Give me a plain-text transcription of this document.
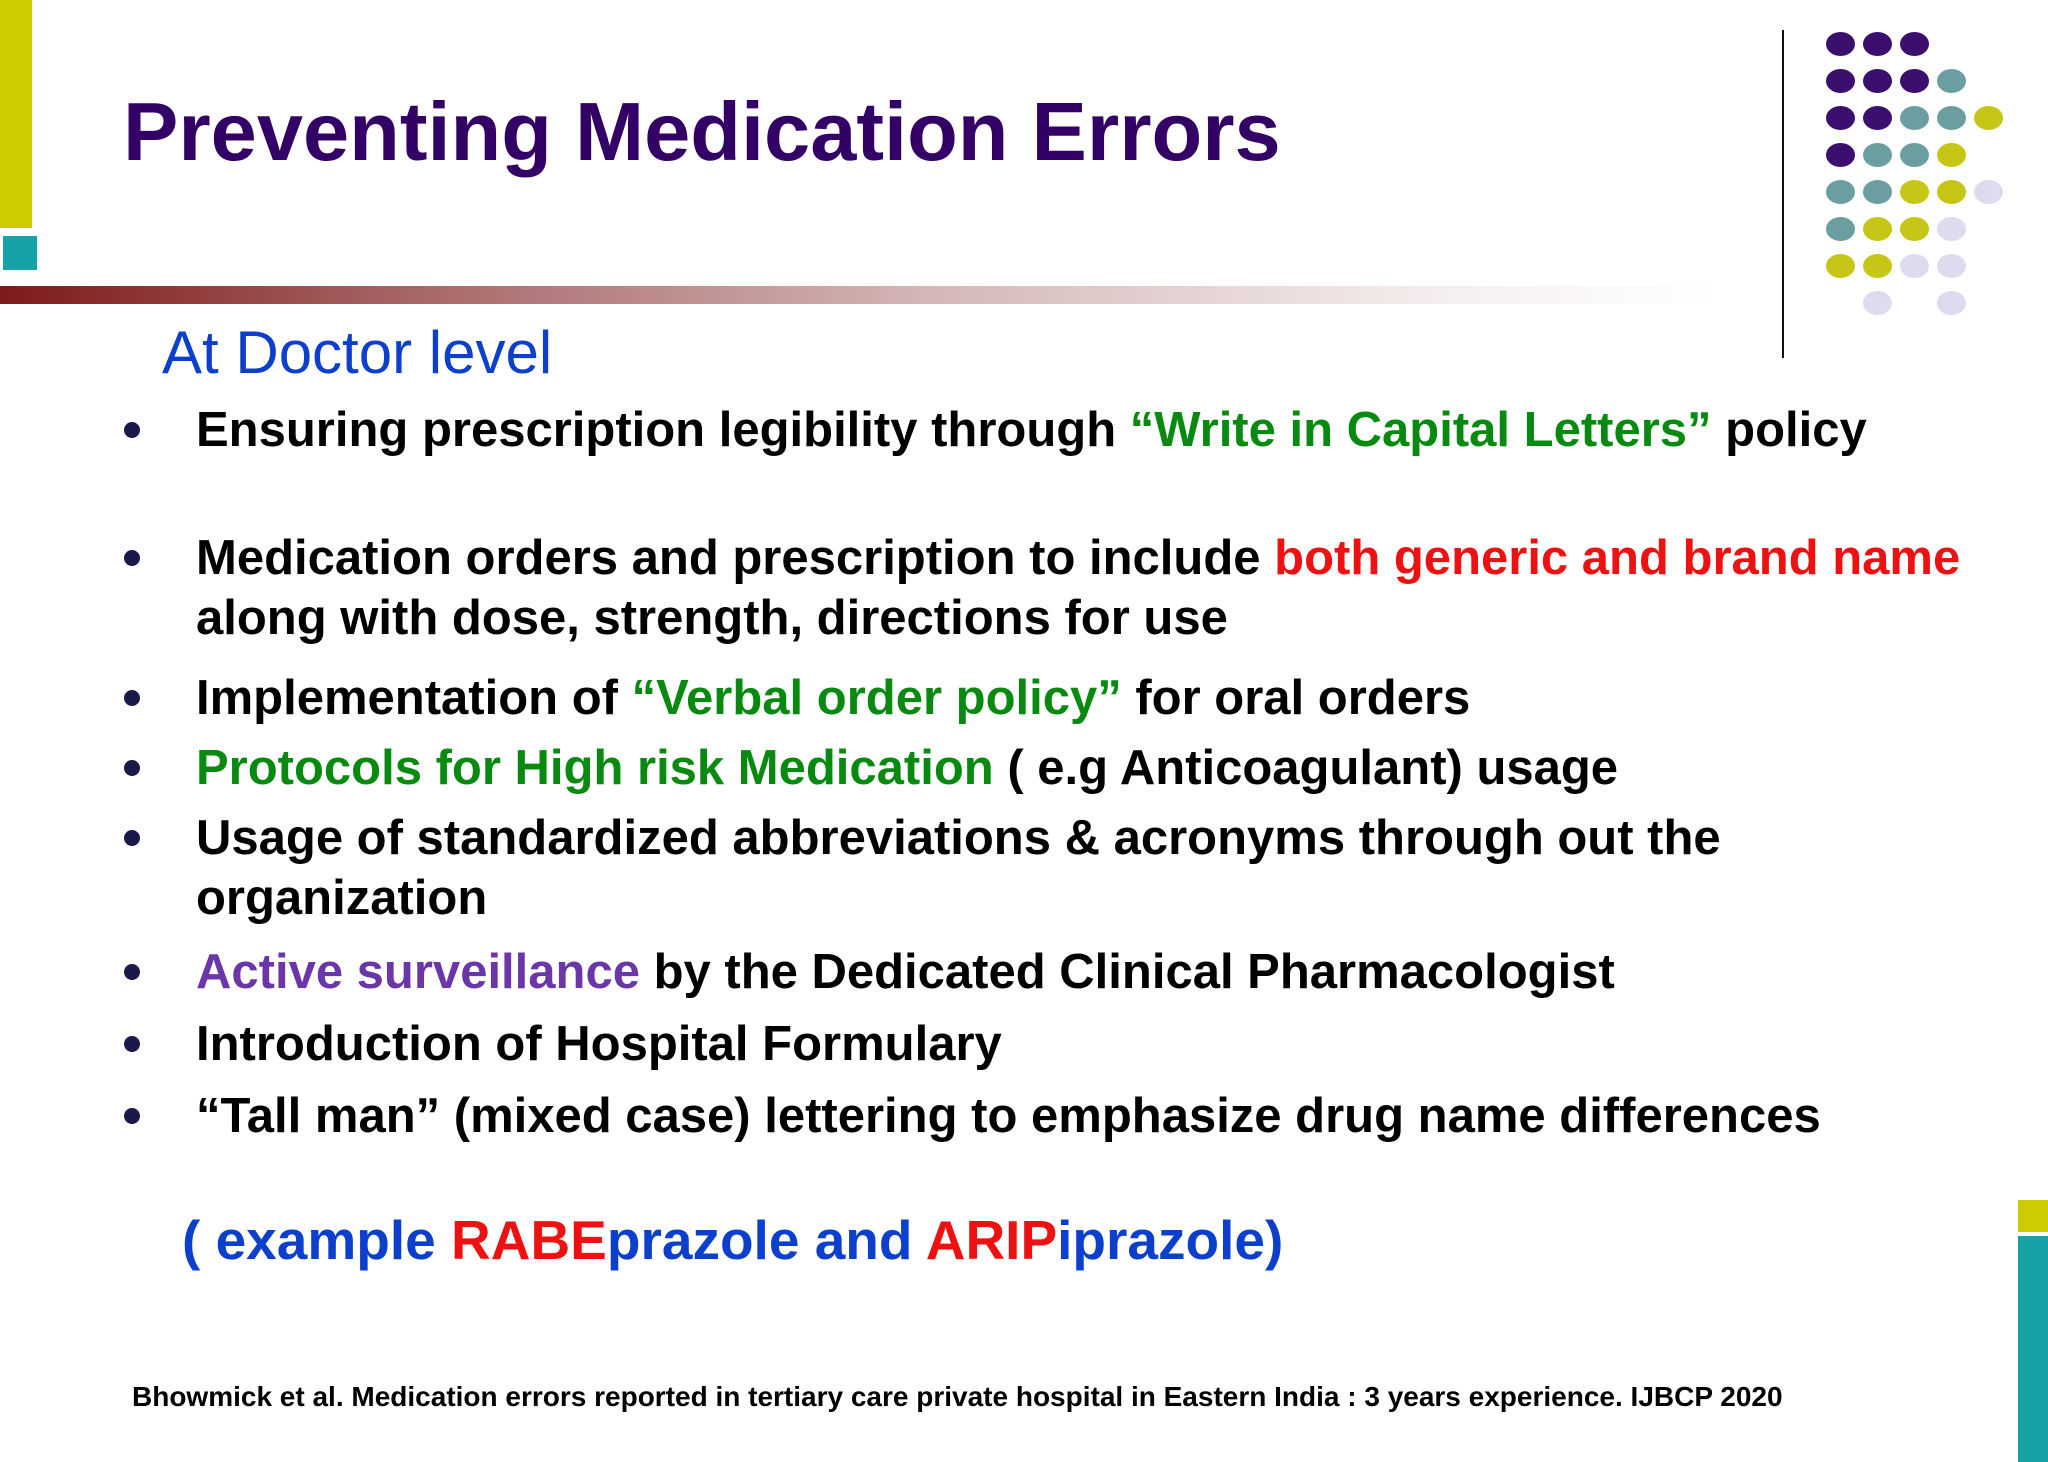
Preventing Medication Errors

At Doctor level

Ensuring prescription legibility through “Write in Capital Letters” policy
Medication orders and prescription to include both generic and brand name along with dose, strength, directions for use
Implementation of “Verbal order policy” for oral orders
Protocols for High risk Medication ( e.g Anticoagulant) usage
Usage of standardized abbreviations & acronyms through out the organization
Active surveillance by the Dedicated Clinical Pharmacologist
Introduction of Hospital Formulary
“Tall man” (mixed case) lettering to emphasize drug name differences

( example RABEprazole and ARIPiprazole)

Bhowmick et al. Medication errors reported in tertiary care private hospital in Eastern India : 3 years experience. IJBCP 2020
